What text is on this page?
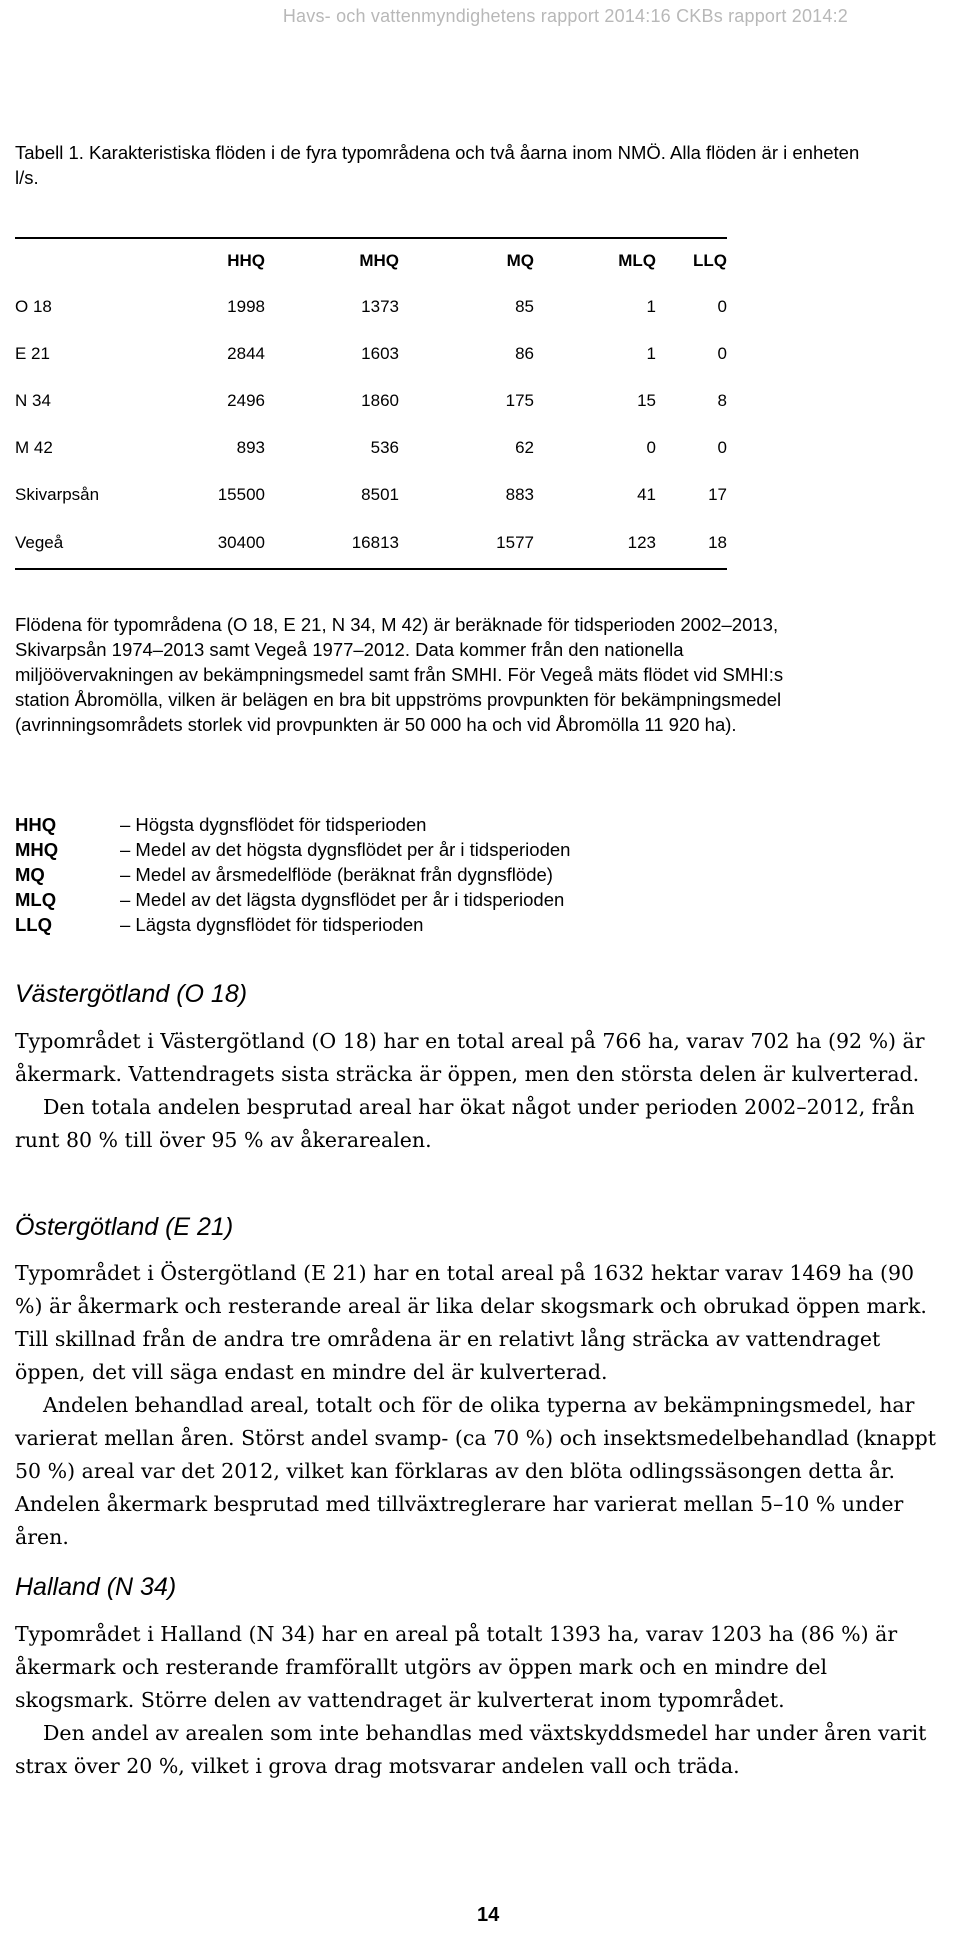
Havs- och vattenmyndighetens rapport 2014:16 CKBs rapport 2014:2
Tabell 1. Karakteristiska flöden i de fyra typområdena och två åarna inom NMÖ. Alla flöden är i enheten l/s.
	HHQ	MHQ	MQ	MLQ	LLQ
O 18	1998	1373	85	1	0
E 21	2844	1603	86	1	0
N 34	2496	1860	175	15	8
M 42	893	536	62	0	0
Skivarpsån	15500	8501	883	41	17
Vegeå	30400	16813	1577	123	18
Flödena för typområdena (O 18, E 21, N 34, M 42) är beräknade för tidsperioden 2002–2013, Skivarpsån 1974–2013 samt Vegeå 1977–2012. Data kommer från den nationella miljöövervakningen av bekämpningsmedel samt från SMHI. För Vegeå mäts flödet vid SMHI:s station Åbromölla, vilken är belägen en bra bit uppströms provpunkten för bekämpningsmedel (avrinningsområdets storlek vid provpunkten är 50 000 ha och vid Åbromölla 11 920 ha).
HHQ	– Högsta dygnsflödet för tidsperioden
MHQ	– Medel av det högsta dygnsflödet per år i tidsperioden
MQ	– Medel av årsmedelflöde (beräknat från dygnsflöde)
MLQ	– Medel av det lägsta dygnsflödet per år i tidsperioden
LLQ	– Lägsta dygnsflödet för tidsperioden
Västergötland (O 18)

Typområdet i Västergötland (O 18) har en total areal på 766 ha, varav 702 ha (92 %) är åkermark. Vattendragets sista sträcka är öppen, men den största delen är kulverterad.

Den totala andelen besprutad areal har ökat något under perioden 2002–2012, från runt 80 % till över 95 % av åkerarealen.

Östergötland (E 21)

Typområdet i Östergötland (E 21) har en total areal på 1632 hektar varav 1469 ha (90 %) är åkermark och resterande areal är lika delar skogsmark och obrukad öppen mark. Till skillnad från de andra tre områdena är en relativt lång sträcka av vattendraget öppen, det vill säga endast en mindre del är kulverterad.

Andelen behandlad areal, totalt och för de olika typerna av bekämpningsmedel, har varierat mellan åren. Störst andel svamp- (ca 70 %) och insektsmedelbehandlad (knappt 50 %) areal var det 2012, vilket kan förklaras av den blöta odlingssäsongen detta år. Andelen åkermark besprutad med tillväxtreglerare har varierat mellan 5–10 % under åren.

Halland (N 34)

Typområdet i Halland (N 34) har en areal på totalt 1393 ha, varav 1203 ha (86 %) är åkermark och resterande framförallt utgörs av öppen mark och en mindre del skogsmark. Större delen av vattendraget är kulverterat inom typområdet.

Den andel av arealen som inte behandlas med växtskyddsmedel har under åren varit strax över 20 %, vilket i grova drag motsvarar andelen vall och träda.

14
